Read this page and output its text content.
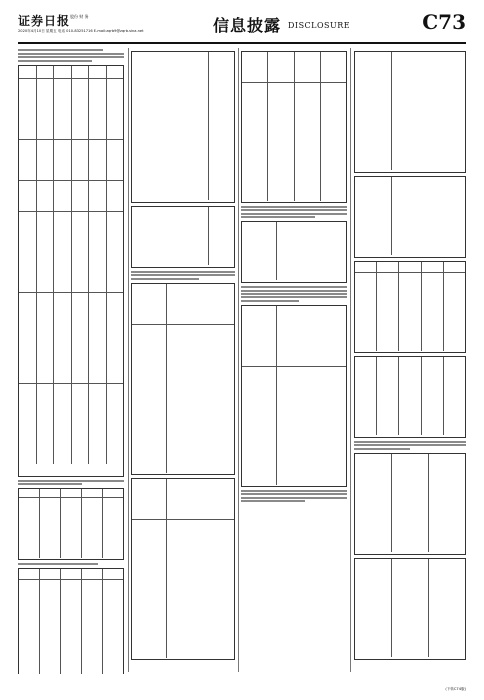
证券日报 股份 财 务
2020年4月10日 星期五 电话 010-83251716 E-mail:zqrb9@zqrb.sina.net	信息披露 DISCLOSURE	C73
(下转C74版)
